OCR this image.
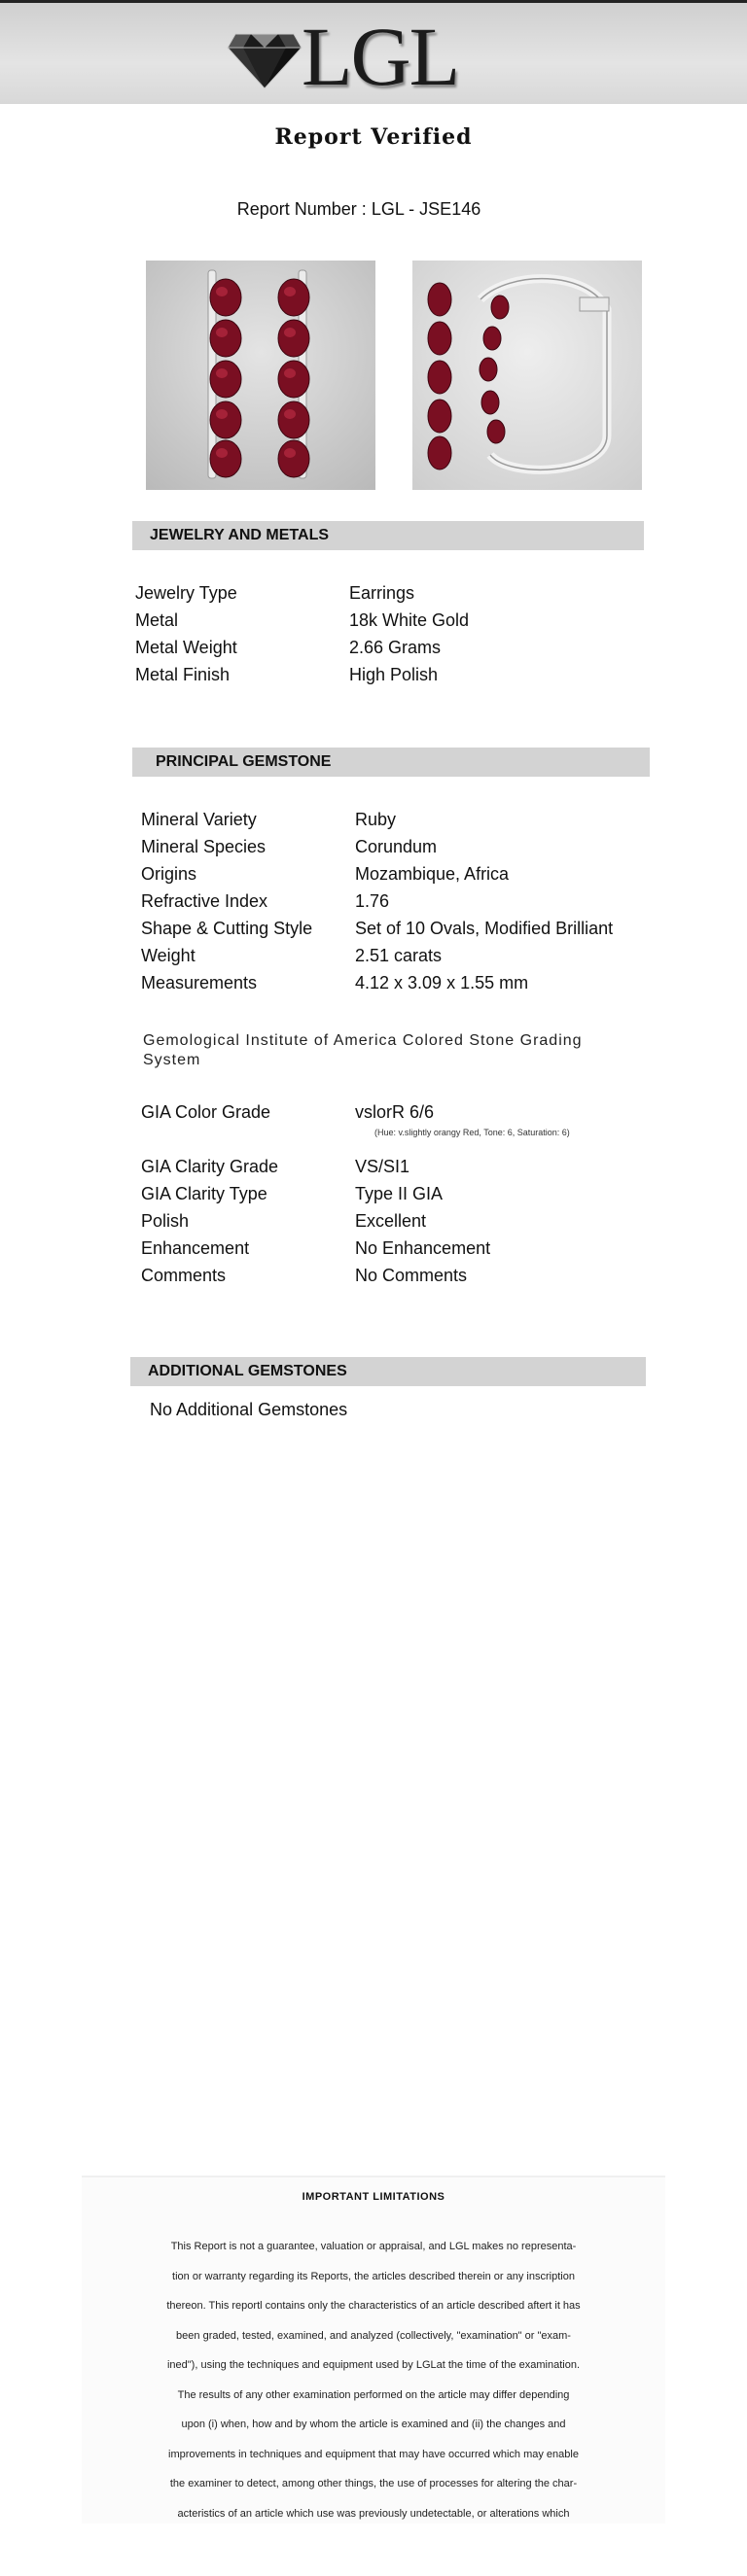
LGL
Report Verified
Report Number : LGL - JSE146
JEWELRY AND METALS
Jewelry Type	Earrings
Metal	18k White Gold
Metal Weight	2.66 Grams
Metal Finish	High Polish
PRINCIPAL GEMSTONE
Mineral Variety	Ruby
Mineral Species	Corundum
Origins	Mozambique, Africa
Refractive Index	1.76
Shape & Cutting Style	Set of 10 Ovals, Modified Brilliant
Weight	2.51 carats
Measurements	4.12 x 3.09 x 1.55 mm
Gemological Institute of America Colored Stone Grading System
GIA Color Grade	vslorR 6/6
(Hue: v.slightly orangy Red, Tone: 6, Saturation: 6)
GIA Clarity Grade	VS/SI1
GIA Clarity Type	Type II GIA
Polish	Excellent
Enhancement	No Enhancement
Comments	No Comments
ADDITIONAL GEMSTONES
No Additional Gemstones
IMPORTANT LIMITATIONS
This Report is not a guarantee, valuation or appraisal, and LGL makes no representa-
tion or warranty regarding its Reports, the articles described therein or any inscription
thereon. This reportl contains only the characteristics of an article described aftert it has
been graded, tested, examined, and analyzed (collectively, "examination" or "exam-
ined"), using the techniques and equipment used by LGLat the time of the examination.
The results of any other examination performed on the article may differ depending
upon (i) when, how and by whom the article is examined and (ii) the changes and
improvements in techniques and equipment that may have occurred which may enable
the examiner to detect, among other things, the use of processes for altering the char-
acteristics of an article which use was previously undetectable, or alterations which
